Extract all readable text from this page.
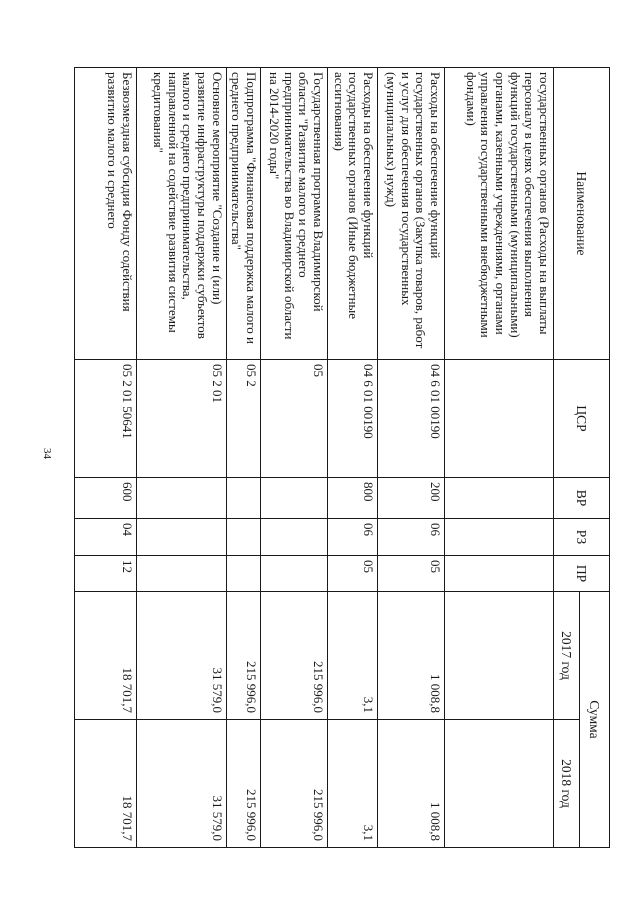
34
Наименование	ЦСР	ВР	РЗ	ПР	Сумма	
					2017 год	2018 год
государственных органов (Расходы на выплаты персоналу в целях обеспечения выполнения функций государственными (муниципальными) органами, казенными учреждениями, органами управления государственными внебюджетными фондами)						
Расходы на обеспечение функций государственных органов (Закупка товаров, работ и услуг для обеспечения государственных (муниципальных) нужд)	04 6 01 00190	200	06	05	1 008,8	1 008,8
Расходы на обеспечение функций государственных органов (Иные бюджетные ассигнования)	04 6 01 00190	800	06	05	3,1	3,1
Государственная программа Владимирской области "Развитие малого и среднего предпринимательства во Владимирской области на 2014-2020 годы"	05				215 996,0	215 996,0
Подпрограмма "Финансовая поддержка малого и среднего предпринимательства"	05 2				215 996,0	215 996,0
Основное мероприятие "Создание и (или) развитие инфраструктуры поддержки субъектов малого и среднего предпринимательства, направленной на содействие развития системы кредитования"	05 2 01				31 579,0	31 579,0
Безвозмездная субсидия Фонду содействия развитию малого и среднего	05 2 01 50641	600	04	12	18 701,7	18 701,7
